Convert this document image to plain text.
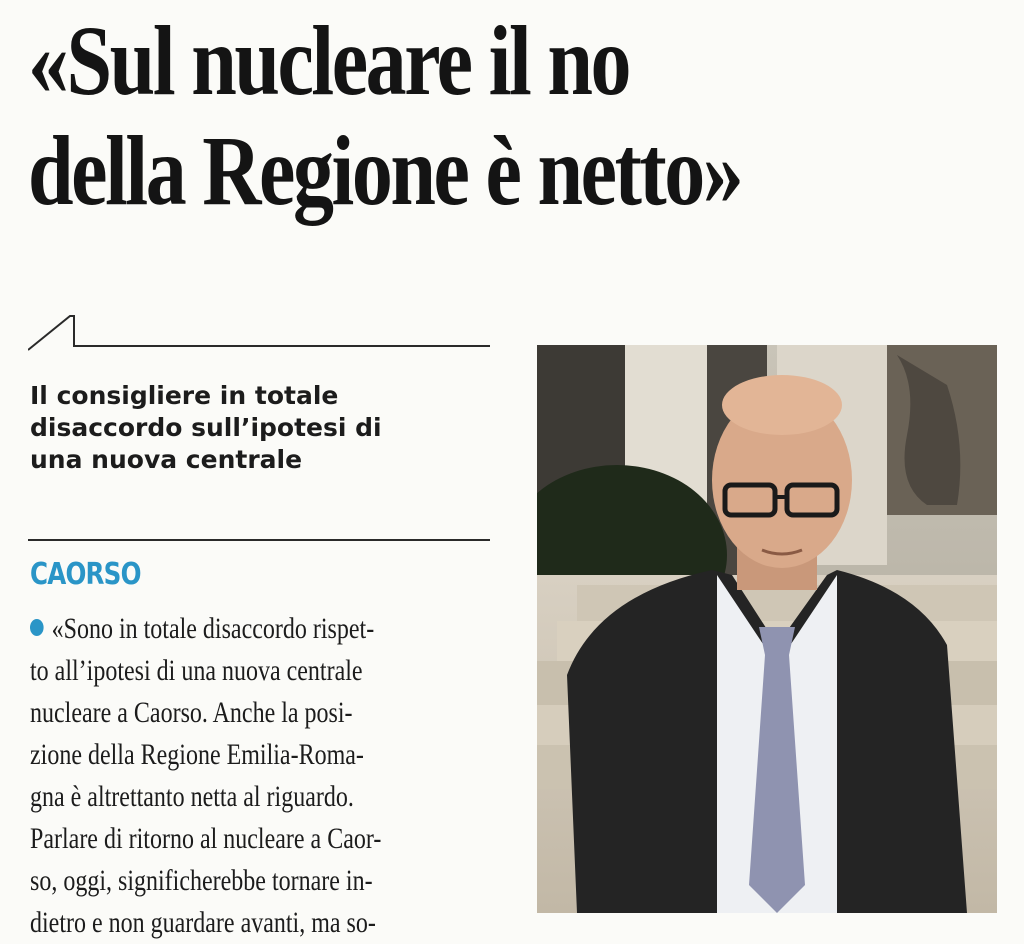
«Sul nucleare il no
della Regione è netto»
Il consigliere in totale
disaccordo sull’ipotesi di
una nuova centrale
CAORSO
«Sono in totale disaccordo rispet-
to all’ipotesi di una nuova centrale
nucleare a Caorso. Anche la posi-
zione della Regione Emilia-Roma-
gna è altrettanto netta al riguardo.
Parlare di ritorno al nucleare a Caor-
so, oggi, significherebbe tornare in-
dietro e non guardare avanti, ma so-
